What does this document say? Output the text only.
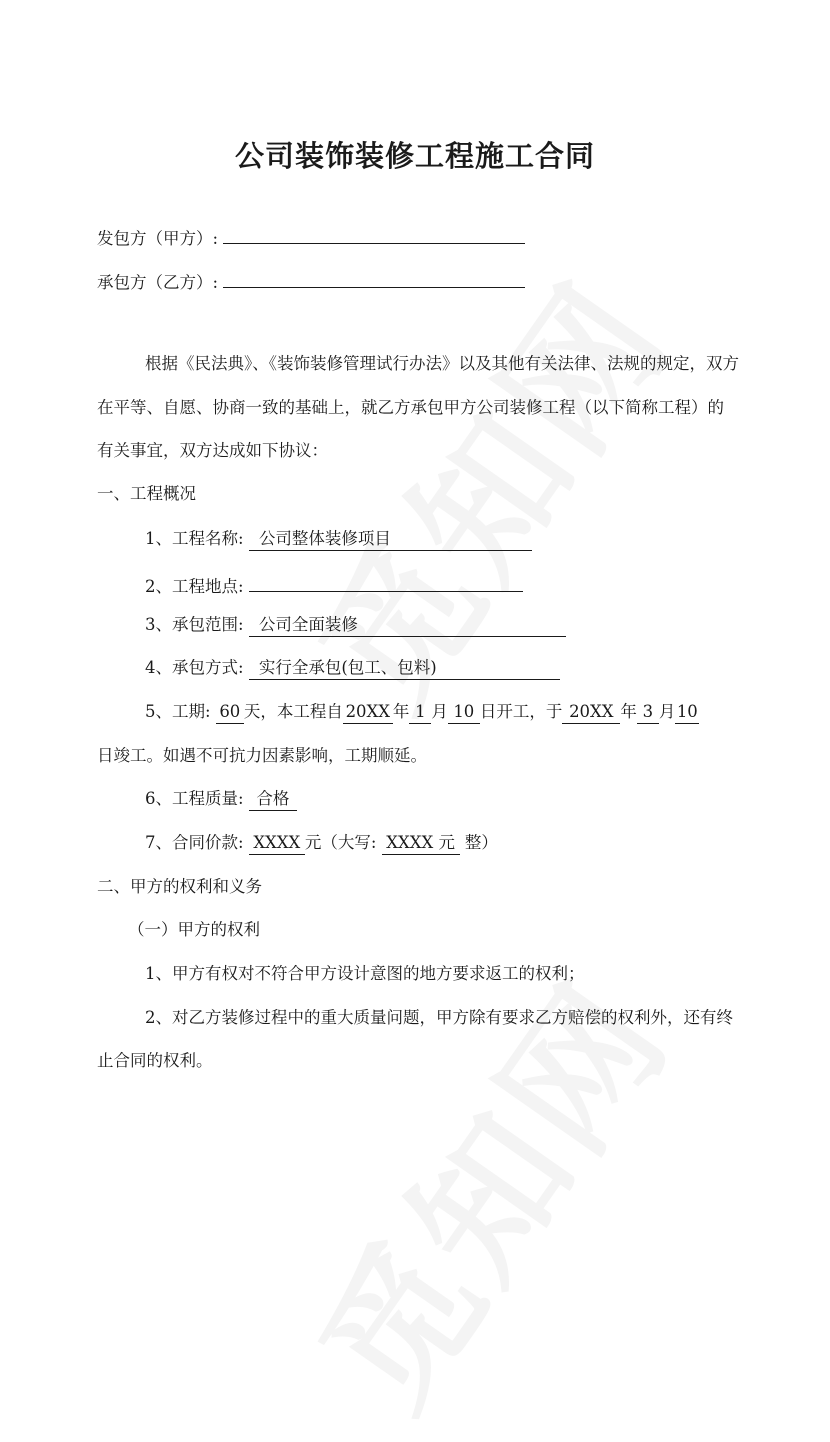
公司装饰装修工程施工合同
发包方（甲方）:
承包方（乙方）:
根据《民法典》、《装饰装修管理试行办法》以及其他有关法律、法规的规定，双方
在平等、自愿、协商一致的基础上，就乙方承包甲方公司装修工程（以下简称工程）的
有关事宜，双方达成如下协议：
一、工程概况
1、工程名称: 公司整体装修项目
2、工程地点:
3、承包范围: 公司全面装修
4、承包方式: 实行全承包(包工、包料)
5、工期: 60 天，本工程自 20XX 年 1 月 10 日开工，于 20XX 年 3 月10
日竣工。如遇不可抗力因素影响，工期顺延。
6、工程质量: 合格
7、合同价款: XXXX 元（大写: XXXX 元 整）
二、甲方的权利和义务
（一）甲方的权利
1、甲方有权对不符合甲方设计意图的地方要求返工的权利；
2、对乙方装修过程中的重大质量问题，甲方除有要求乙方赔偿的权利外，还有终
止合同的权利。
